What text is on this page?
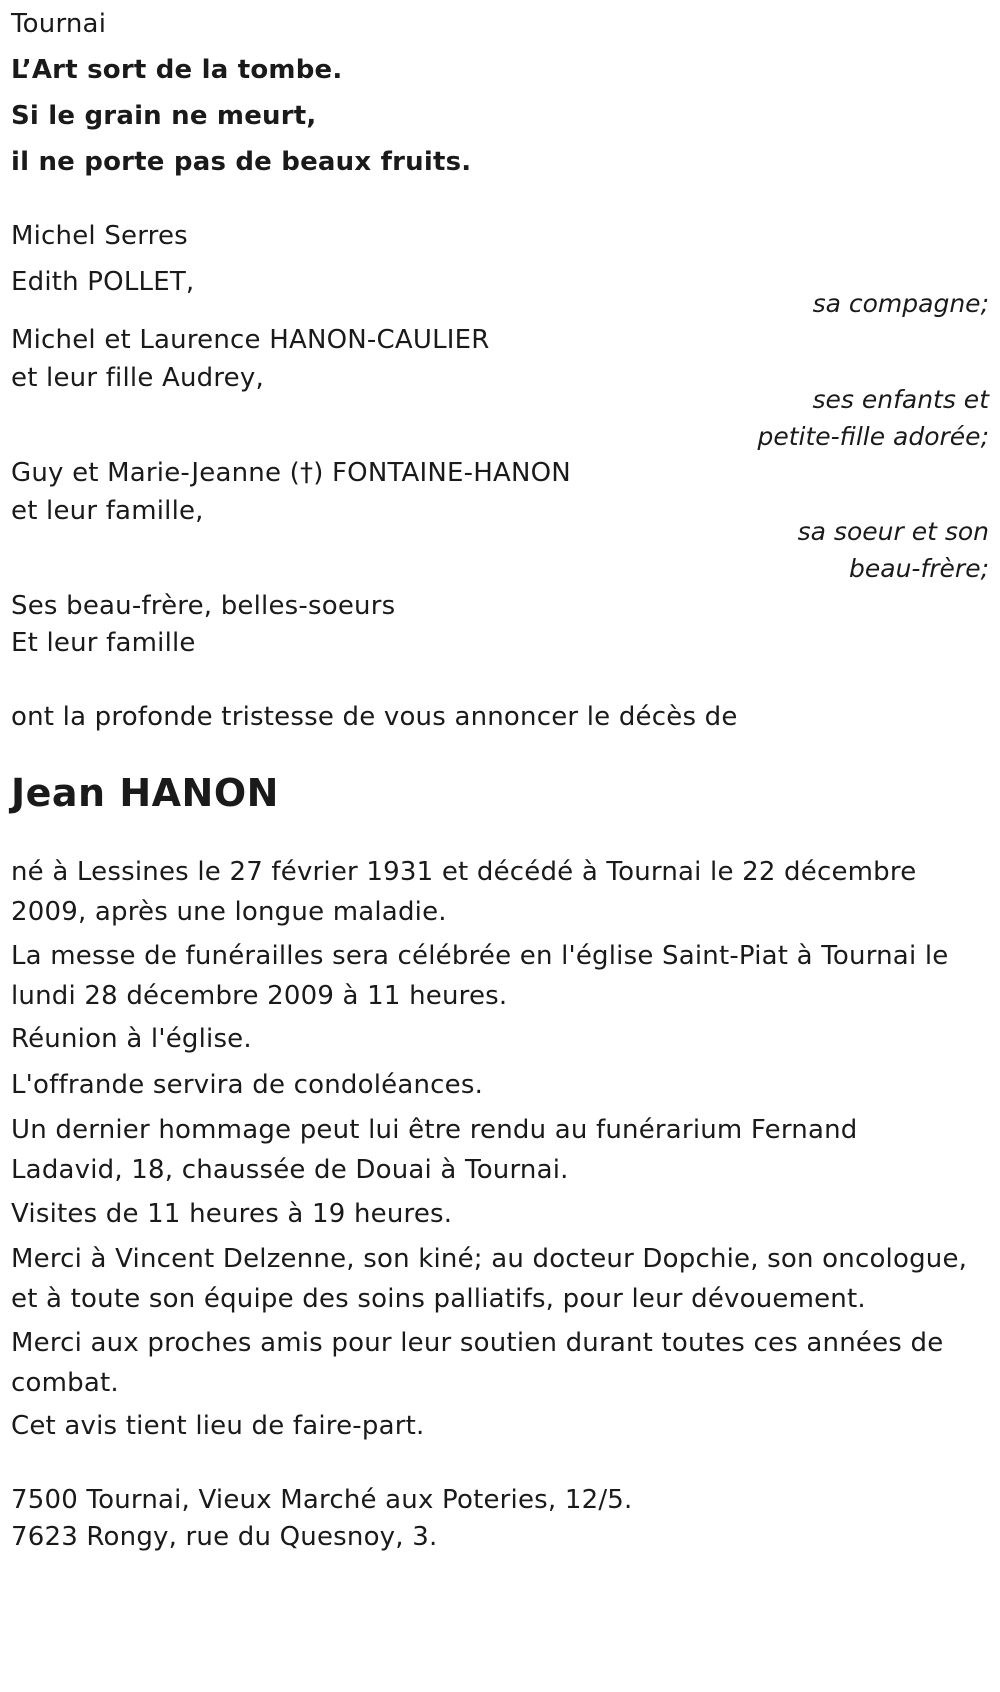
Tournai
L’Art sort de la tombe.
Si le grain ne meurt,
il ne porte pas de beaux fruits.
Michel Serres
Edith POLLET,
sa compagne;
Michel et Laurence HANON-CAULIER
et leur fille Audrey,
ses enfants et
petite-fille adorée;
Guy et Marie-Jeanne (†) FONTAINE-HANON
et leur famille,
sa soeur et son
beau-frère;
Ses beau-frère, belles-soeurs
Et leur famille
ont la profonde tristesse de vous annoncer le décès de
Jean HANON
né à Lessines le 27 février 1931 et décédé à Tournai le 22 décembre 2009, après une longue maladie.
La messe de funérailles sera célébrée en l'église Saint-Piat à Tournai le lundi 28 décembre 2009 à 11 heures.
Réunion à l'église.
L'offrande servira de condoléances.
Un dernier hommage peut lui être rendu au funérarium Fernand Ladavid, 18, chaussée de Douai à Tournai.
Visites de 11 heures à 19 heures.
Merci à Vincent Delzenne, son kiné; au docteur Dopchie, son oncologue, et à toute son équipe des soins palliatifs, pour leur dévouement.
Merci aux proches amis pour leur soutien durant toutes ces années de combat.
Cet avis tient lieu de faire-part.
7500 Tournai, Vieux Marché aux Poteries, 12/5.
7623 Rongy, rue du Quesnoy, 3.
